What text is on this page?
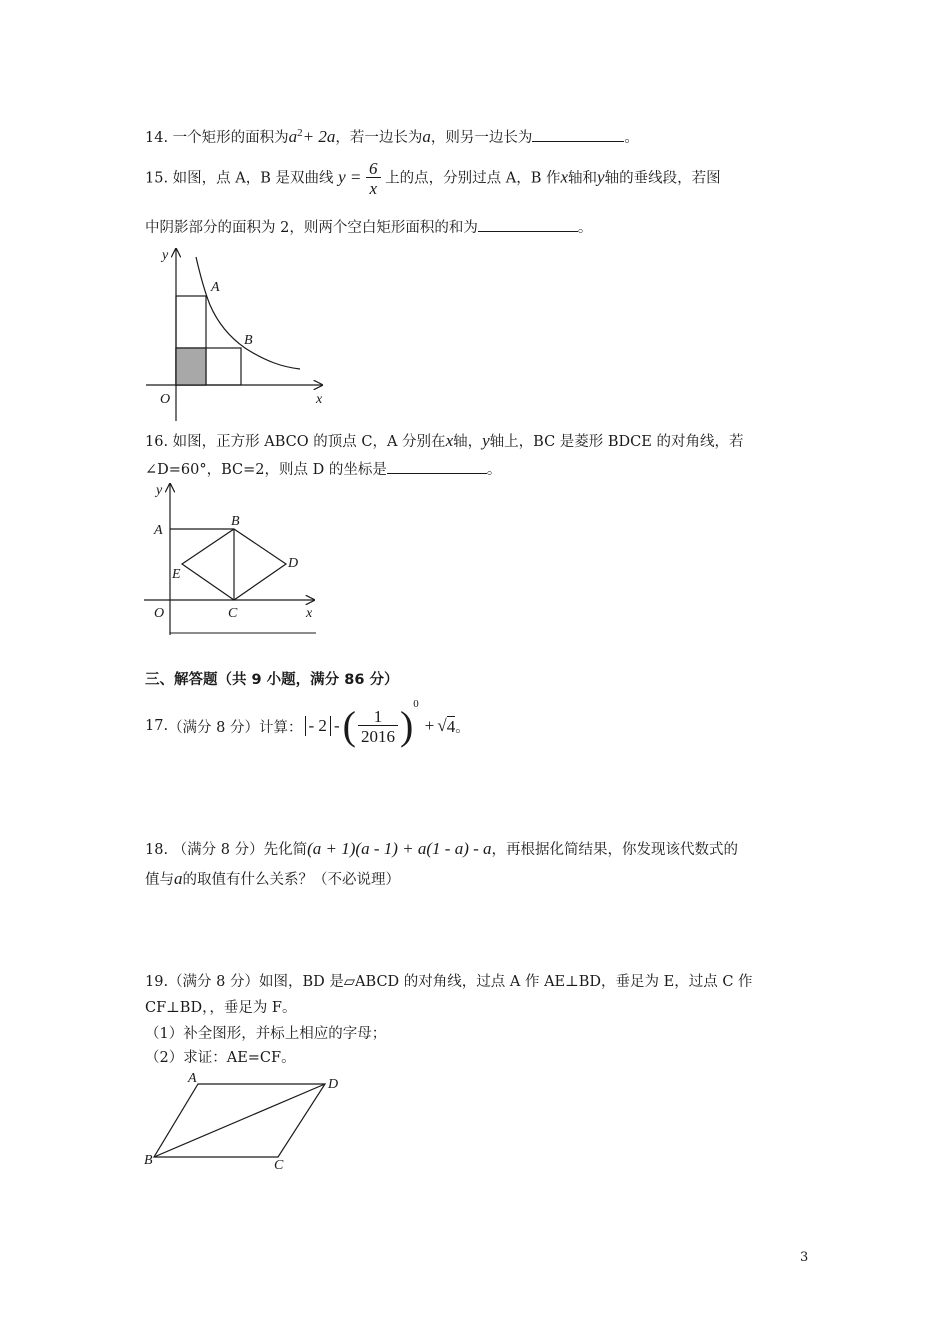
14. 一个矩形的面积为$a^2+ 2a$，若一边长为a，则另一边长为	。
15. 如图，点 A，B 是双曲线 $y = \frac{6}{x}$ 上的点，分别过点 A，B 作x轴和y轴的垂线段，若图
中阴影部分的面积为 2，则两个空白矩形面积的和为	。
y
x
O
A
B
16. 如图，正方形 ABCO 的顶点 C，A 分别在x轴，y轴上，BC 是菱形 BDCE 的对角线，若
∠D=60°，BC=2，则点 D 的坐标是	。
y
x
O
A
B
C
D
E
三、解答题（共 9 小题，满分 86 分）
17. （满分 8 分）计算： - 2 - ( $\frac{1}{2016}$ ) 0
+ √ 4 。
18. （满分 8 分）先化简(a + 1)(a - 1) + a(1 - a) - a，再根据化简结果，你发现该代数式的
值与a的取值有什么关系？（不必说理）
19.（满分 8 分）如图，BD 是▱ABCD 的对角线，过点 A 作 AE⊥BD，垂足为 E，过点 C 作
CF⊥BD，，垂足为 F。
（1）补全图形，并标上相应的字母；
（2）求证：AE=CF。
A
B	C
D
3
